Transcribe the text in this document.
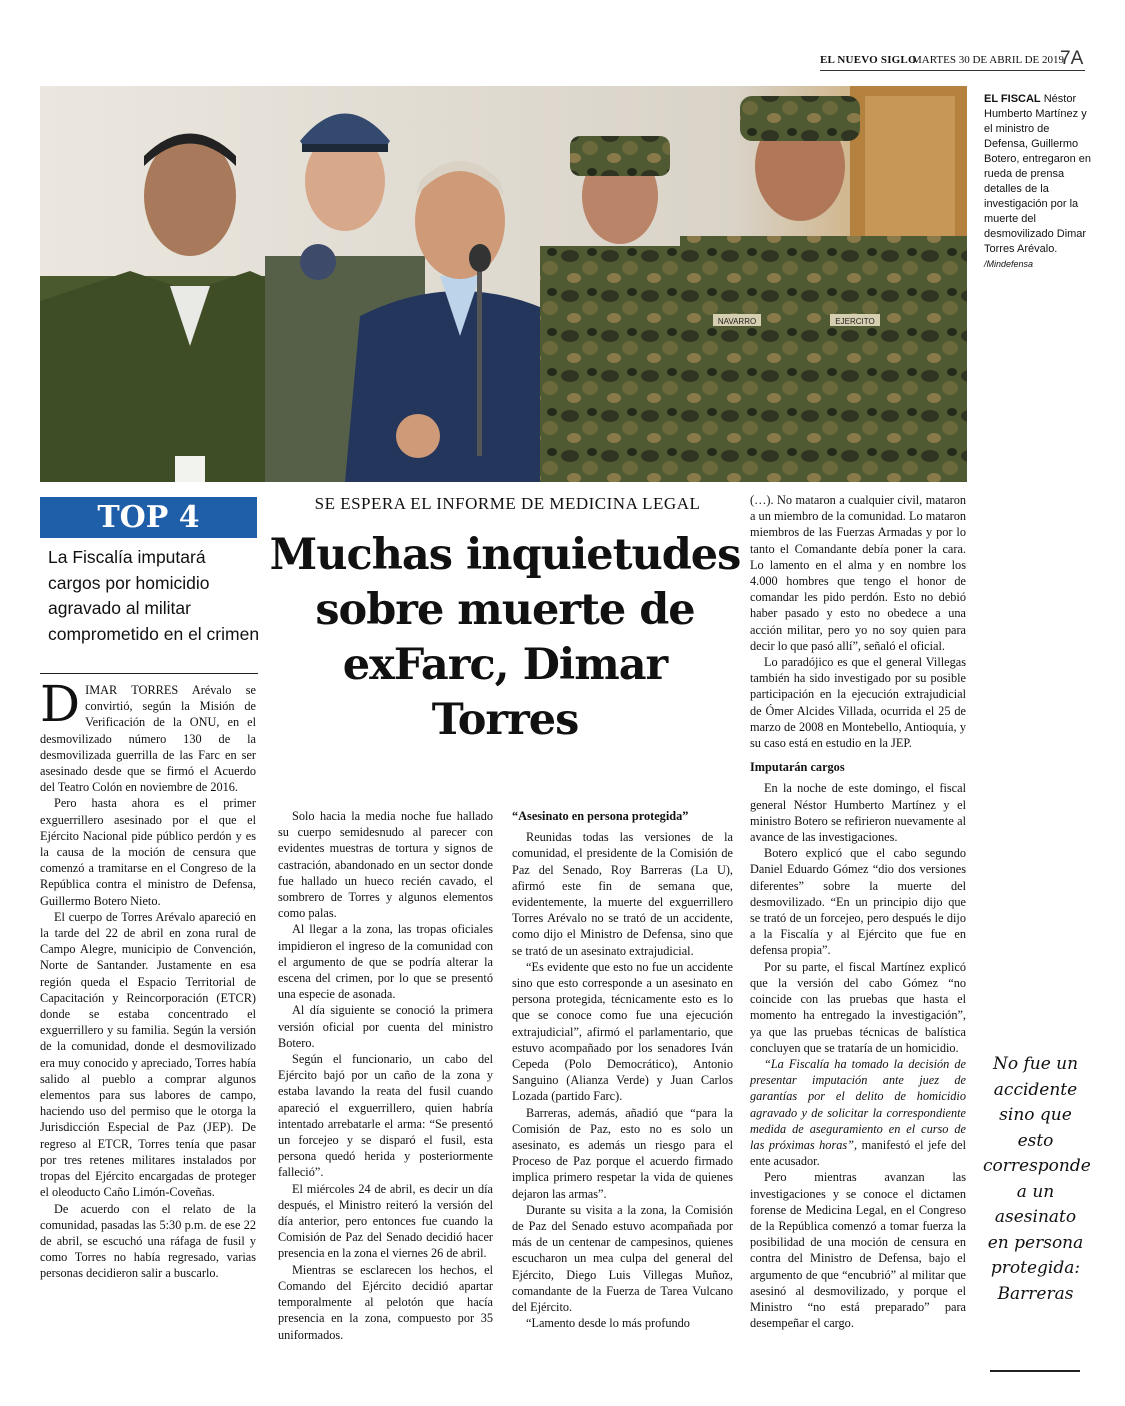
EL NUEVO SIGLO
MARTES 30 DE ABRIL DE 2019
7A
NAVARRO	EJERCITO
EL FISCAL Néstor Humberto Martínez y el ministro de Defensa, Guillermo Botero, entregaron en rueda de prensa detalles de la investigación por la muerte del desmovilizado Dimar Torres Arévalo. /Mindefensa
TOP 4
La Fiscalía imputará cargos por homicidio agravado al militar comprometido en el crimen
SE ESPERA EL INFORME DE MEDICINA LEGAL
Muchas inquietudes sobre muerte de exFarc, Dimar Torres

DIMAR TORRES Arévalo se convirtió, según la Misión de Verificación de la ONU, en el desmovilizado número 130 de la desmovilizada guerrilla de las Farc en ser asesinado desde que se firmó el Acuerdo del Teatro Colón en noviembre de 2016.

Pero hasta ahora es el primer exguerrillero asesinado por el que el Ejército Nacional pide público perdón y es la causa de la moción de censura que comenzó a tramitarse en el Congreso de la República contra el ministro de Defensa, Guillermo Botero Nieto.

El cuerpo de Torres Arévalo apareció en la tarde del 22 de abril en zona rural de Campo Alegre, municipio de Convención, Norte de Santander. Justamente en esa región queda el Espacio Territorial de Capacitación y Reincorporación (ETCR) donde se estaba concentrado el exguerrillero y su familia. Según la versión de la comunidad, donde el desmovilizado era muy conocido y apreciado, Torres había salido al pueblo a comprar algunos elementos para sus labores de campo, haciendo uso del permiso que le otorga la Jurisdicción Especial de Paz (JEP). De regreso al ETCR, Torres tenía que pasar por tres retenes militares instalados por tropas del Ejército encargadas de proteger el oleoducto Caño Limón-Coveñas.

De acuerdo con el relato de la comunidad, pasadas las 5:30 p.m. de ese 22 de abril, se escuchó una ráfaga de fusil y como Torres no había regresado, varias personas decidieron salir a buscarlo.

Solo hacia la media noche fue hallado su cuerpo semidesnudo al parecer con evidentes muestras de tortura y signos de castración, abandonado en un sector donde fue hallado un hueco recién cavado, el sombrero de Torres y algunos elementos como palas.

Al llegar a la zona, las tropas oficiales impidieron el ingreso de la comunidad con el argumento de que se podría alterar la escena del crimen, por lo que se presentó una especie de asonada.

Al día siguiente se conoció la primera versión oficial por cuenta del ministro Botero.

Según el funcionario, un cabo del Ejército bajó por un caño de la zona y estaba lavando la reata del fusil cuando apareció el exguerrillero, quien habría intentado arrebatarle el arma: “Se presentó un forcejeo y se disparó el fusil, esta persona quedó herida y posteriormente falleció”.

El miércoles 24 de abril, es decir un día después, el Ministro reiteró la versión del día anterior, pero entonces fue cuando la Comisión de Paz del Senado decidió hacer presencia en la zona el viernes 26 de abril.

Mientras se esclarecen los hechos, el Comando del Ejército decidió apartar temporalmente al pelotón que hacía presencia en la zona, compuesto por 35 uniformados.

“Asesinato en persona protegida”

Reunidas todas las versiones de la comunidad, el presidente de la Comisión de Paz del Senado, Roy Barreras (La U), afirmó este fin de semana que, evidentemente, la muerte del exguerrillero Torres Arévalo no se trató de un accidente, como dijo el Ministro de Defensa, sino que se trató de un asesinato extrajudicial.

“Es evidente que esto no fue un accidente sino que esto corresponde a un asesinato en persona protegida, técnicamente esto es lo que se conoce como fue una ejecución extrajudicial”, afirmó el parlamentario, que estuvo acompañado por los senadores Iván Cepeda (Polo Democrático), Antonio Sanguino (Alianza Verde) y Juan Carlos Lozada (partido Farc).

Barreras, además, añadió que “para la Comisión de Paz, esto no es solo un asesinato, es además un riesgo para el Proceso de Paz porque el acuerdo firmado implica primero respetar la vida de quienes dejaron las armas”.

Durante su visita a la zona, la Comisión de Paz del Senado estuvo acompañada por más de un centenar de campesinos, quienes escucharon un mea culpa del general del Ejército, Diego Luis Villegas Muñoz, comandante de la Fuerza de Tarea Vulcano del Ejército.

“Lamento desde lo más profundo

(…). No mataron a cualquier civil, mataron a un miembro de la comunidad. Lo mataron miembros de las Fuerzas Armadas y por lo tanto el Comandante debía poner la cara. Lo lamento en el alma y en nombre los 4.000 hombres que tengo el honor de comandar les pido perdón. Esto no debió haber pasado y esto no obedece a una acción militar, pero yo no soy quien para decir lo que pasó allí”, señaló el oficial.

Lo paradójico es que el general Villegas también ha sido investigado por su posible participación en la ejecución extrajudicial de Ómer Alcides Villada, ocurrida el 25 de marzo de 2008 en Montebello, Antioquia, y su caso está en estudio en la JEP.

Imputarán cargos

En la noche de este domingo, el fiscal general Néstor Humberto Martínez y el ministro Botero se refirieron nuevamente al avance de las investigaciones.

Botero explicó que el cabo segundo Daniel Eduardo Gómez “dio dos versiones diferentes” sobre la muerte del desmovilizado. “En un principio dijo que se trató de un forcejeo, pero después le dijo a la Fiscalía y al Ejército que fue en defensa propia”.

Por su parte, el fiscal Martínez explicó que la versión del cabo Gómez “no coincide con las pruebas que hasta el momento ha entregado la investigación”, ya que las pruebas técnicas de balística concluyen que se trataría de un homicidio.

“La Fiscalía ha tomado la decisión de presentar imputación ante juez de garantías por el delito de homicidio agravado y de solicitar la correspondiente medida de aseguramiento en el curso de las próximas horas”, manifestó el jefe del ente acusador.

Pero mientras avanzan las investigaciones y se conoce el dictamen forense de Medicina Legal, en el Congreso de la República comenzó a tomar fuerza la posibilidad de una moción de censura en contra del Ministro de Defensa, bajo el argumento de que “encubrió” al militar que asesinó al desmovilizado, y porque el Ministro “no está preparado” para desempeñar el cargo.

No fue un accidente sino que esto corresponde a un asesinato en persona protegida: Barreras
